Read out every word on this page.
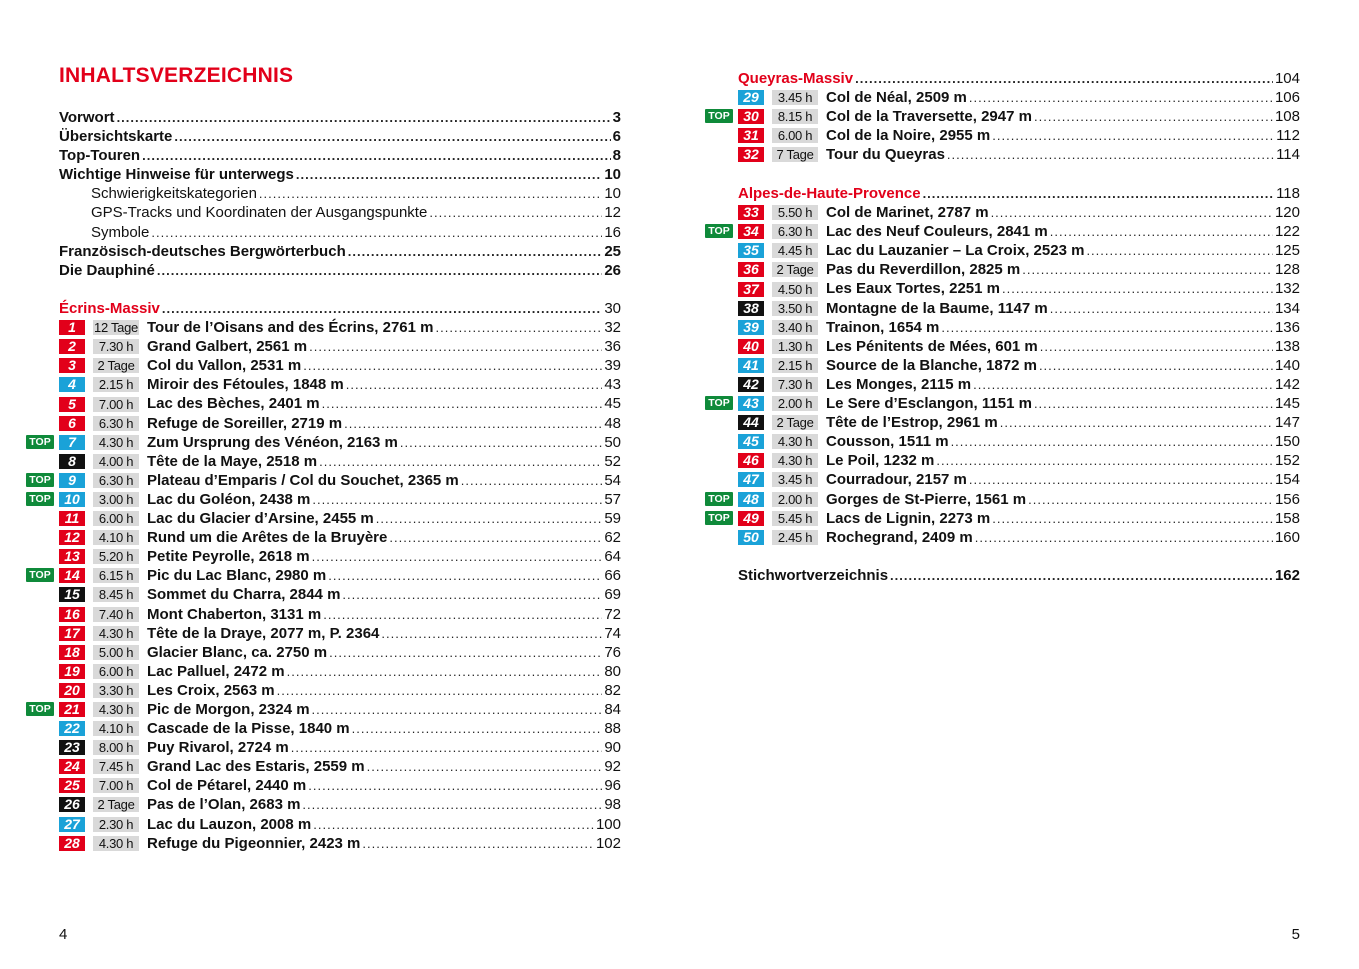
INHALTSVERZEICHNIS
Vorwort . . .	3
Übersichtskarte . . .	6
Top-Touren . . .	8
Wichtige Hinweise für unterwegs . . .	10
Schwierigkeitskategorien . . .	10
GPS-Tracks und Koordinaten der Ausgangspunkte . . .	12
Symbole . . .	16
Französisch-deutsches Bergwörterbuch . . .	25
Die Dauphiné . . .	26
Écrins-Massiv . . .	30
1	12 Tage Tour de l’Oisans and des Écrins, 2761 m . . .	32
2	7.30 h Grand Galbert, 2561 m . . .	36
3	2 Tage Col du Vallon, 2531 m . . .	39
4	2.15 h Miroir des Fétoules, 1848 m . . .	43
5	7.00 h Lac des Bèches, 2401 m . . .	45
6	6.30 h Refuge de Soreiller, 2719 m . . .	48
TOP	7	4.30 h Zum Ursprung des Vénéon, 2163 m . . .	50
8	4.00 h Tête de la Maye, 2518 m . . .	52
TOP	9	6.30 h Plateau d’Emparis / Col du Souchet, 2365 m . . .	54
TOP 10	3.00 h Lac du Goléon, 2438 m . . .	57
11	6.00 h Lac du Glacier d’Arsine, 2455 m . . .	59
12	4.10 h Rund um die Arêtes de la Bruyère . . .	62
13	5.20 h Petite Peyrolle, 2618 m . . .	64
TOP 14	6.15 h Pic du Lac Blanc, 2980 m . . .	66
15	8.45 h Sommet du Charra, 2844 m . . .	69
16	7.40 h Mont Chaberton, 3131 m . . .	72
17	4.30 h Tête de la Draye, 2077 m, P. 2364 . . .	74
18	5.00 h Glacier Blanc, ca. 2750 m . . .	76
19	6.00 h Lac Palluel, 2472 m . . .	80
20	3.30 h Les Croix, 2563 m . . .	82
TOP 21	4.30 h Pic de Morgon, 2324 m . . .	84
22	4.10 h Cascade de la Pisse, 1840 m . . .	88
23	8.00 h Puy Rivarol, 2724 m . . .	90
24	7.45 h Grand Lac des Estaris, 2559 m . . .	92
25	7.00 h Col de Pétarel, 2440 m . . .	96
26	2 Tage Pas de l’Olan, 2683 m . . .	98
27	2.30 h Lac du Lauzon, 2008 m . . .	100
28	4.30 h Refuge du Pigeonnier, 2423 m . . .	102
4
Queyras-Massiv . . .	104
29	3.45 h Col de Néal, 2509 m . . .	106
TOP 30	8.15 h Col de la Traversette, 2947 m . . .	108
31	6.00 h Col de la Noire, 2955 m . . .	112
32	7 Tage Tour du Queyras . . .	114
Alpes-de-Haute-Provence . . .	118
33	5.50 h Col de Marinet, 2787 m . . .	120
TOP 34	6.30 h Lac des Neuf Couleurs, 2841 m . . .	122
35	4.45 h Lac du Lauzanier – La Croix, 2523 m . . .	125
36	2 Tage Pas du Reverdillon, 2825 m . . .	128
37	4.50 h Les Eaux Tortes, 2251 m . . .	132
38	3.50 h Montagne de la Baume, 1147 m . . .	134
39	3.40 h Trainon, 1654 m . . .	136
40	1.30 h Les Pénitents de Mées, 601 m . . .	138
41	2.15 h Source de la Blanche, 1872 m . . .	140
42	7.30 h Les Monges, 2115 m . . .	142
TOP 43	2.00 h Le Sere d’Esclangon, 1151 m . . .	145
44	2 Tage Tête de l’Estrop, 2961 m . . .	147
45	4.30 h Cousson, 1511 m . . .	150
46	4.30 h Le Poil, 1232 m . . .	152
47	3.45 h Courradour, 2157 m . . .	154
TOP 48	2.00 h Gorges de St-Pierre, 1561 m . . .	156
TOP 49	5.45 h Lacs de Lignin, 2273 m . . .	158
50	2.45 h Rochegrand, 2409 m . . .	160
Stichwortverzeichnis . . .	162
5
